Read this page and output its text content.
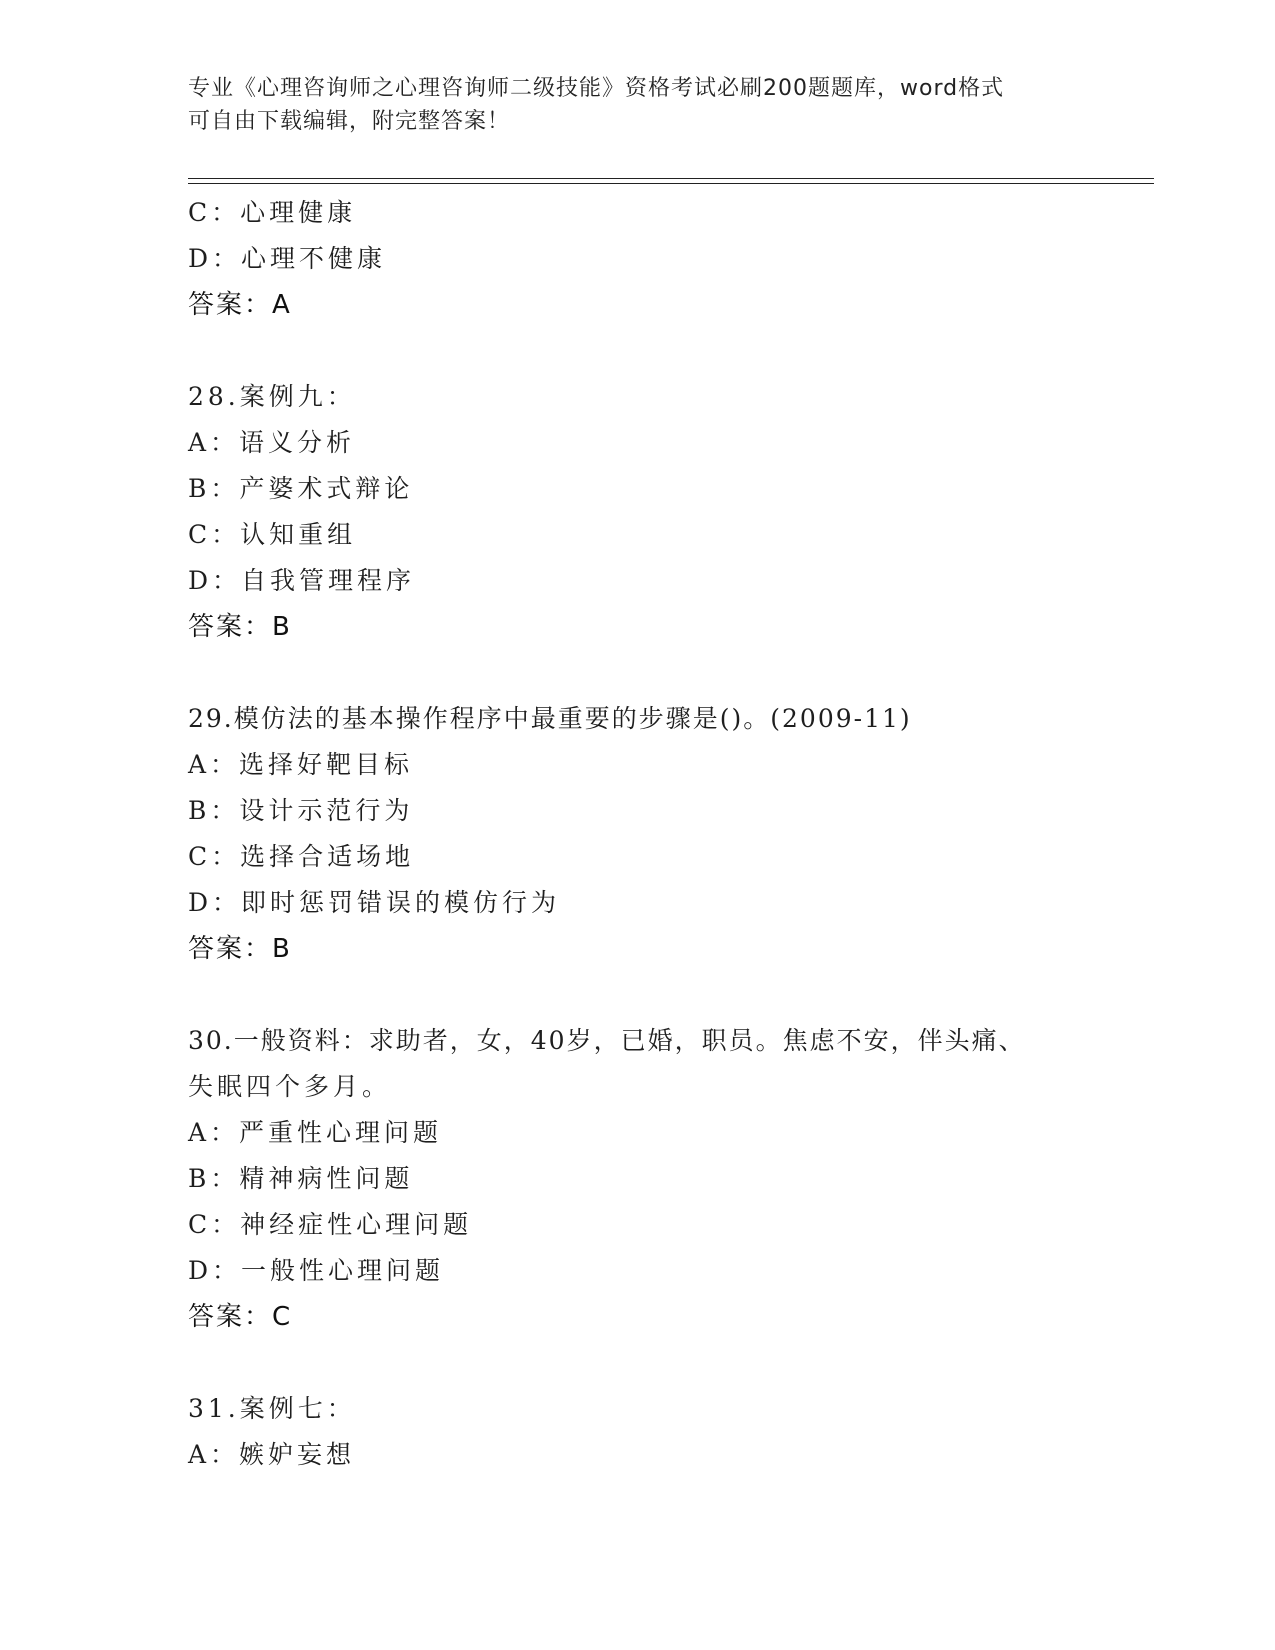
专业《心理咨询师之心理咨询师二级技能》资格考试必刷200题题库，word格式
可自由下载编辑，附完整答案！
C：心理健康
D：心理不健康
答案：A
28.案例九：
A：语义分析
B：产婆术式辩论
C：认知重组
D：自我管理程序
答案：B
29.模仿法的基本操作程序中最重要的步骤是()。(2009-11)
A：选择好靶目标
B：设计示范行为
C：选择合适场地
D：即时惩罚错误的模仿行为
答案：B
30.一般资料：求助者，女，40岁，已婚，职员。焦虑不安，伴头痛、
失眠四个多月。
A：严重性心理问题
B：精神病性问题
C：神经症性心理问题
D：一般性心理问题
答案：C
31.案例七：
A：嫉妒妄想
